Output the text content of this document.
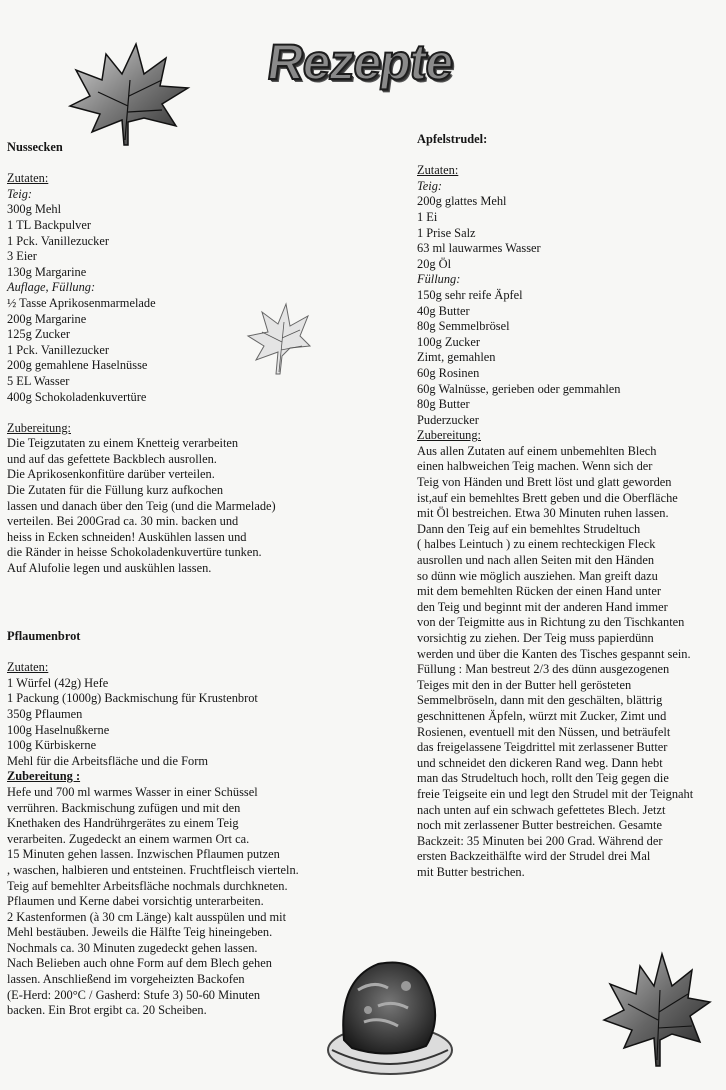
Rezepte
Nussecken
Zutaten:
Teig:
300g Mehl
1 TL Backpulver
1 Pck. Vanillezucker
3 Eier
130g Margarine
Auflage, Füllung:
½ Tasse Aprikosenmarmelade
200g Margarine
125g Zucker
1 Pck. Vanillezucker
200g gemahlene Haselnüsse
5 EL Wasser
400g Schokoladenkuvertüre
Zubereitung:
Die Teigzutaten zu einem Knetteig verarbeiten
und auf das gefettete Backblech ausrollen.
Die Aprikosenkonfitüre darüber verteilen.
Die Zutaten für die Füllung kurz aufkochen
lassen und danach über den Teig (und die Marmelade)
verteilen. Bei 200Grad ca. 30 min. backen und
heiss in Ecken schneiden! Auskühlen lassen und
die Ränder in heisse Schokoladenkuvertüre tunken.
Auf Alufolie legen und auskühlen lassen.
Pflaumenbrot
Zutaten:
1 Würfel (42g) Hefe
1 Packung (1000g) Backmischung für Krustenbrot
350g Pflaumen
100g Haselnußkerne
100g Kürbiskerne
Mehl für die Arbeitsfläche und die Form
Zubereitung :
Hefe und 700 ml warmes Wasser in einer Schüssel
verrühren. Backmischung zufügen und mit den
Knethaken des Handrührgerätes zu einem Teig
verarbeiten. Zugedeckt an einem warmen Ort ca.
15 Minuten gehen lassen. Inzwischen Pflaumen putzen
, waschen, halbieren und entsteinen. Fruchtfleisch vierteln.
Teig auf bemehlter Arbeitsfläche nochmals durchkneten.
Pflaumen und Kerne dabei vorsichtig unterarbeiten.
2 Kastenformen (à 30 cm Länge) kalt ausspülen und mit
Mehl bestäuben. Jeweils die Hälfte Teig hineingeben.
Nochmals ca. 30 Minuten zugedeckt gehen lassen.
Nach Belieben auch ohne Form auf dem Blech gehen
lassen. Anschließend im vorgeheizten Backofen
(E-Herd: 200°C / Gasherd: Stufe 3) 50-60 Minuten
backen. Ein Brot ergibt ca. 20 Scheiben.
Apfelstrudel:
Zutaten:
Teig:
200g glattes Mehl
1 Ei
1 Prise Salz
63 ml lauwarmes Wasser
20g Öl
Füllung:
150g sehr reife Äpfel
40g Butter
80g Semmelbrösel
100g Zucker
Zimt, gemahlen
60g Rosinen
60g Walnüsse, gerieben oder gemmahlen
80g Butter
Puderzucker
Zubereitung:
Aus allen Zutaten auf einem unbemehlten Blech
einen halbweichen Teig machen. Wenn sich der
Teig von Händen und Brett löst und glatt geworden
ist,auf ein bemehltes Brett geben und die Oberfläche
mit Öl bestreichen. Etwa 30 Minuten ruhen lassen.
Dann den Teig auf ein bemehltes Strudeltuch
( halbes Leintuch ) zu einem rechteckigen Fleck
ausrollen und nach allen Seiten mit den Händen
so dünn wie möglich ausziehen. Man greift dazu
mit dem bemehlten Rücken der einen Hand unter
den Teig und beginnt mit der anderen Hand immer
von der Teigmitte aus in Richtung zu den Tischkanten
vorsichtig zu ziehen. Der Teig muss papierdünn
werden und über die Kanten des Tisches gespannt sein.
Füllung : Man bestreut 2/3 des dünn ausgezogenen
Teiges mit den in der Butter hell gerösteten
Semmelbröseln, dann mit den geschälten, blättrig
geschnittenen Äpfeln, würzt mit Zucker, Zimt und
Rosienen, eventuell mit den Nüssen, und beträufelt
das freigelassene Teigdrittel mit zerlassener Butter
und schneidet den dickeren Rand weg. Dann hebt
man das Strudeltuch hoch, rollt den Teig gegen die
freie Teigseite ein und legt den Strudel mit der Teignaht
nach unten auf ein schwach gefettetes Blech. Jetzt
noch mit zerlassener Butter bestreichen. Gesamte
Backzeit: 35 Minuten bei 200 Grad. Während der
ersten Backzeithälfte wird der Strudel drei Mal
mit Butter bestrichen.
